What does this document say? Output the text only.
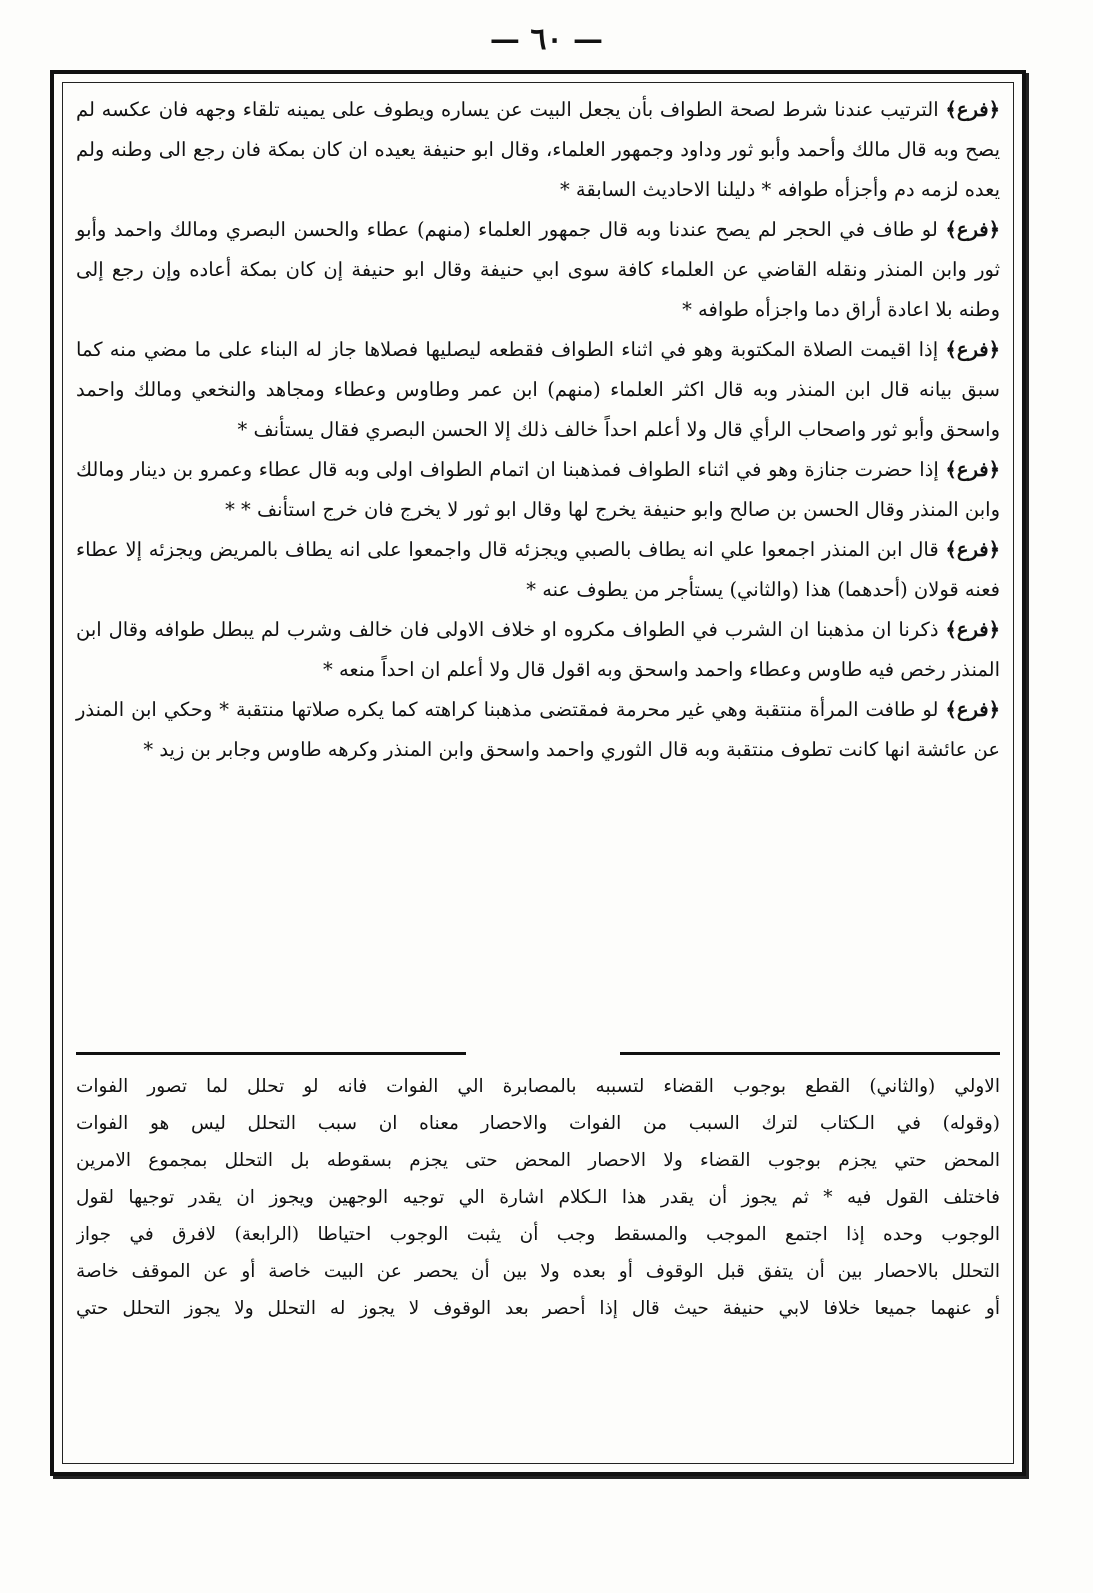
— ٦٠ —

﴿فرع﴾ الترتيب عندنا شرط لصحة الطواف بأن يجعل البيت عن يساره ويطوف على يمينه تلقاء وجهه فان عكسه لم يصح وبه قال مالك وأحمد وأبو ثور وداود وجمهور العلماء، وقال ابو حنيفة يعيده ان كان بمكة فان رجع الى وطنه ولم يعده لزمه دم وأجزأه طوافه * دليلنا الاحاديث السابقة *

﴿فرع﴾ لو طاف في الحجر لم يصح عندنا وبه قال جمهور العلماء (منهم) عطاء والحسن البصري ومالك واحمد وأبو ثور وابن المنذر ونقله القاضي عن العلماء كافة سوى ابي حنيفة وقال ابو حنيفة إن كان بمكة أعاده وإن رجع إلى وطنه بلا اعادة أراق دما واجزأه طوافه *

﴿فرع﴾ إذا اقيمت الصلاة المكتوبة وهو في اثناء الطواف فقطعه ليصليها فصلاها جاز له البناء على ما مضي منه كما سبق بيانه قال ابن المنذر وبه قال اكثر العلماء (منهم) ابن عمر وطاوس وعطاء ومجاهد والنخعي ومالك واحمد واسحق وأبو ثور واصحاب الرأي قال ولا أعلم احداً خالف ذلك إلا الحسن البصري فقال يستأنف *

﴿فرع﴾ إذا حضرت جنازة وهو في اثناء الطواف فمذهبنا ان اتمام الطواف اولى وبه قال عطاء وعمرو بن دينار ومالك وابن المنذر وقال الحسن بن صالح وابو حنيفة يخرج لها وقال ابو ثور لا يخرج فان خرج استأنف * *

﴿فرع﴾ قال ابن المنذر اجمعوا علي انه يطاف بالصبي ويجزئه قال واجمعوا على انه يطاف بالمريض ويجزئه إلا عطاء فعنه قولان (أحدهما) هذا (والثاني) يستأجر من يطوف عنه *

﴿فرع﴾ ذكرنا ان مذهبنا ان الشرب في الطواف مكروه او خلاف الاولى فان خالف وشرب لم يبطل طوافه وقال ابن المنذر رخص فيه طاوس وعطاء واحمد واسحق وبه اقول قال ولا أعلم ان احداً منعه *

﴿فرع﴾ لو طافت المرأة منتقبة وهي غير محرمة فمقتضى مذهبنا كراهته كما يكره صلاتها منتقبة * وحكي ابن المنذر عن عائشة انها كانت تطوف منتقبة وبه قال الثوري واحمد واسحق وابن المنذر وكرهه طاوس وجابر بن زيد *

الاولي (والثاني) القطع بوجوب القضاء لتسببه بالمصابرة الي الفوات فانه لو تحلل لما تصور الفوات

(وقوله) في الـكتاب لترك السبب من الفوات والاحصار معناه ان سبب التحلل ليس هو الفوات

المحض حتي يجزم بوجوب القضاء ولا الاحصار المحض حتى يجزم بسقوطه بل التحلل بمجموع الامرين

فاختلف القول فيه * ثم يجوز أن يقدر هذا الـكلام اشارة الي توجيه الوجهين ويجوز ان يقدر توجيها لقول

الوجوب وحده إذا اجتمع الموجب والمسقط وجب أن يثبت الوجوب احتياطا (الرابعة) لافرق في جواز

التحلل بالاحصار بين أن يتفق قبل الوقوف أو بعده ولا بين أن يحصر عن البيت خاصة أو عن الموقف خاصة

أو عنهما جميعا خلافا لابي حنيفة حيث قال إذا أحصر بعد الوقوف لا يجوز له التحلل ولا يجوز التحلل حتي
